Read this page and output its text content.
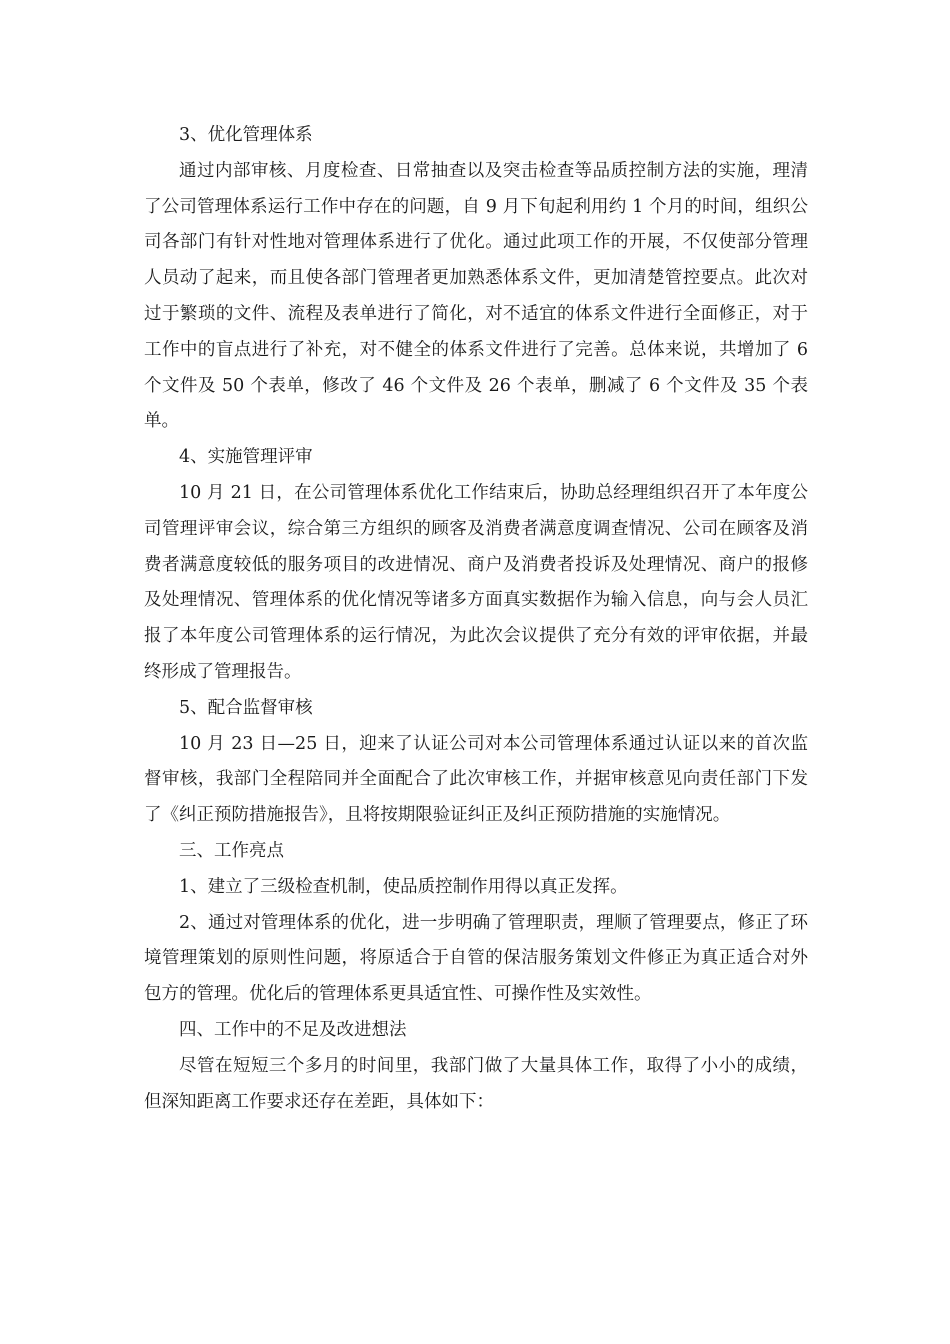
3、优化管理体系

通过内部审核、月度检查、日常抽查以及突击检查等品质控制方法的实施，理清了公司管理体系运行工作中存在的问题，自 9 月下旬起利用约 1 个月的时间，组织公司各部门有针对性地对管理体系进行了优化。通过此项工作的开展，不仅使部分管理人员动了起来，而且使各部门管理者更加熟悉体系文件，更加清楚管控要点。此次对过于繁琐的文件、流程及表单进行了简化，对不适宜的体系文件进行全面修正，对于工作中的盲点进行了补充，对不健全的体系文件进行了完善。总体来说，共增加了 6 个文件及 50 个表单，修改了 46 个文件及 26 个表单，删减了 6 个文件及 35 个表单。

4、实施管理评审

10 月 21 日，在公司管理体系优化工作结束后，协助总经理组织召开了本年度公司管理评审会议，综合第三方组织的顾客及消费者满意度调查情况、公司在顾客及消费者满意度较低的服务项目的改进情况、商户及消费者投诉及处理情况、商户的报修及处理情况、管理体系的优化情况等诸多方面真实数据作为输入信息，向与会人员汇报了本年度公司管理体系的运行情况，为此次会议提供了充分有效的评审依据，并最终形成了管理报告。

5、配合监督审核

10 月 23 日—25 日，迎来了认证公司对本公司管理体系通过认证以来的首次监督审核，我部门全程陪同并全面配合了此次审核工作，并据审核意见向责任部门下发了《纠正预防措施报告》，且将按期限验证纠正及纠正预防措施的实施情况。

三、工作亮点

1、建立了三级检查机制，使品质控制作用得以真正发挥。

2、通过对管理体系的优化，进一步明确了管理职责，理顺了管理要点，修正了环境管理策划的原则性问题，将原适合于自管的保洁服务策划文件修正为真正适合对外包方的管理。优化后的管理体系更具适宜性、可操作性及实效性。

四、工作中的不足及改进想法

尽管在短短三个多月的时间里，我部门做了大量具体工作，取得了小小的成绩，但深知距离工作要求还存在差距，具体如下：
